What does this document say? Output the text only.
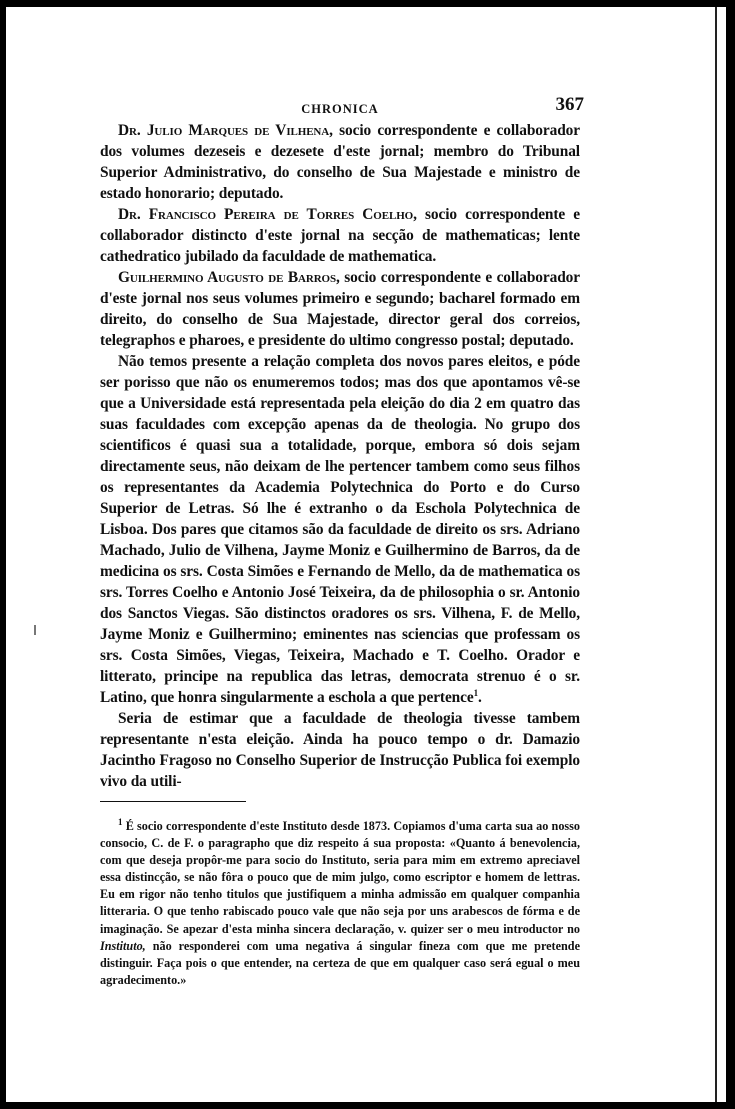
CHRONICA	367

Dr. Julio Marques de Vilhena, socio correspondente e collaborador dos volumes dezeseis e dezesete d'este jornal; membro do Tribunal Superior Administrativo, do conselho de Sua Majestade e ministro de estado honorario; deputado.

Dr. Francisco Pereira de Torres Coelho, socio correspondente e collaborador distincto d'este jornal na secção de mathematicas; lente cathedratico jubilado da faculdade de mathematica.

Guilhermino Augusto de Barros, socio correspondente e collaborador d'este jornal nos seus volumes primeiro e segundo; bacharel formado em direito, do conselho de Sua Majestade, director geral dos correios, telegraphos e pharoes, e presidente do ultimo congresso postal; deputado.

Não temos presente a relação completa dos novos pares eleitos, e póde ser porisso que não os enumeremos todos; mas dos que apontamos vê-se que a Universidade está representada pela eleição do dia 2 em quatro das suas faculdades com excepção apenas da de theologia. No grupo dos scientificos é quasi sua a totalidade, porque, embora só dois sejam directamente seus, não deixam de lhe pertencer tambem como seus filhos os representantes da Academia Polytechnica do Porto e do Curso Superior de Letras. Só lhe é extranho o da Eschola Polytechnica de Lisboa. Dos pares que citamos são da faculdade de direito os srs. Adriano Machado, Julio de Vilhena, Jayme Moniz e Guilhermino de Barros, da de medicina os srs. Costa Simões e Fernando de Mello, da de mathematica os srs. Torres Coelho e Antonio José Teixeira, da de philosophia o sr. Antonio dos Sanctos Viegas. São distinctos oradores os srs. Vilhena, F. de Mello, Jayme Moniz e Guilhermino; eminentes nas sciencias que professam os srs. Costa Simões, Viegas, Teixeira, Machado e T. Coelho. Orador e litterato, principe na republica das letras, democrata strenuo é o sr. Latino, que honra singularmente a eschola a que pertence$^1$.

Seria de estimar que a faculdade de theologia tivesse tambem representante n'esta eleição. Ainda ha pouco tempo o dr. Damazio Jacintho Fragoso no Conselho Superior de Instrucção Publica foi exemplo vivo da utili-

$^1$ É socio correspondente d'este Instituto desde 1873. Copiamos d'uma carta sua ao nosso consocio, C. de F. o paragrapho que diz respeito á sua proposta: «Quanto á benevolencia, com que deseja propôr-me para socio do Instituto, seria para mim em extremo apreciavel essa distincção, se não fôra o pouco que de mim julgo, como escriptor e homem de lettras. Eu em rigor não tenho titulos que justifiquem a minha admissão em qualquer companhia litteraria. O que tenho rabiscado pouco vale que não seja por uns arabescos de fórma e de imaginação. Se apezar d'esta minha sincera declaração, v. quizer ser o meu introductor no Instituto, não responderei com uma negativa á singular fineza com que me pretende distinguir. Faça pois o que entender, na certeza de que em qualquer caso será egual o meu agradecimento.»
